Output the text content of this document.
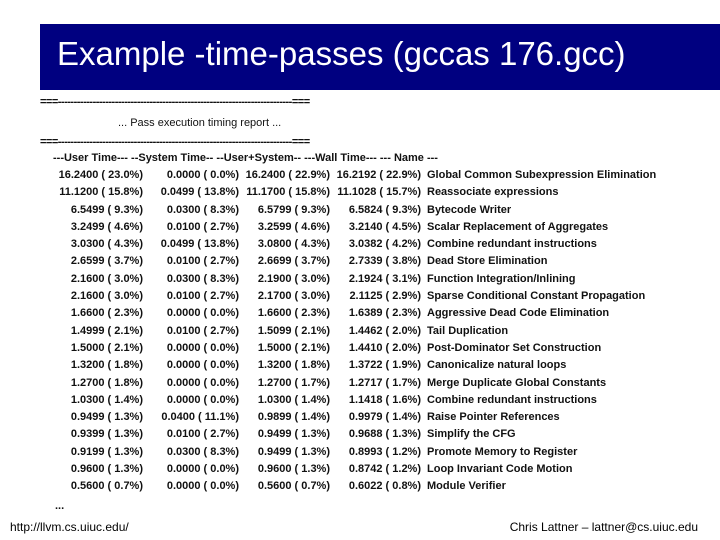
Example -time-passes (gccas 176.gcc)
===--------------------------------------------------------------------------===
... Pass execution timing report ...
===--------------------------------------------------------------------------===
---User Time--- --System Time-- --User+System-- ---Wall Time--- --- Name ---
16.2400 ( 23.0%)	0.0000 ( 0.0%) 16.2400 ( 22.9%) 16.2192 ( 22.9%) Global Common Subexpression Elimination
11.1200 ( 15.8%)	0.0499 ( 13.8%) 11.1700 ( 15.8%) 11.1028 ( 15.7%) Reassociate expressions
6.5499 ( 9.3%)	0.0300 ( 8.3%)	6.5799 ( 9.3%)	6.5824 ( 9.3%) Bytecode Writer
3.2499 ( 4.6%)	0.0100 ( 2.7%)	3.2599 ( 4.6%)	3.2140 ( 4.5%) Scalar Replacement of Aggregates
3.0300 ( 4.3%)	0.0499 ( 13.8%)	3.0800 ( 4.3%)	3.0382 ( 4.2%) Combine redundant instructions
2.6599 ( 3.7%)	0.0100 ( 2.7%)	2.6699 ( 3.7%)	2.7339 ( 3.8%) Dead Store Elimination
2.1600 ( 3.0%)	0.0300 ( 8.3%)	2.1900 ( 3.0%)	2.1924 ( 3.1%) Function Integration/Inlining
2.1600 ( 3.0%)	0.0100 ( 2.7%)	2.1700 ( 3.0%)	2.1125 ( 2.9%) Sparse Conditional Constant Propagation
1.6600 ( 2.3%)	0.0000 ( 0.0%)	1.6600 ( 2.3%)	1.6389 ( 2.3%) Aggressive Dead Code Elimination
1.4999 ( 2.1%)	0.0100 ( 2.7%)	1.5099 ( 2.1%)	1.4462 ( 2.0%) Tail Duplication
1.5000 ( 2.1%)	0.0000 ( 0.0%)	1.5000 ( 2.1%)	1.4410 ( 2.0%) Post-Dominator Set Construction
1.3200 ( 1.8%)	0.0000 ( 0.0%)	1.3200 ( 1.8%)	1.3722 ( 1.9%) Canonicalize natural loops
1.2700 ( 1.8%)	0.0000 ( 0.0%)	1.2700 ( 1.7%)	1.2717 ( 1.7%) Merge Duplicate Global Constants
1.0300 ( 1.4%)	0.0000 ( 0.0%)	1.0300 ( 1.4%)	1.1418 ( 1.6%) Combine redundant instructions
0.9499 ( 1.3%)	0.0400 ( 11.1%)	0.9899 ( 1.4%)	0.9979 ( 1.4%) Raise Pointer References
0.9399 ( 1.3%)	0.0100 ( 2.7%)	0.9499 ( 1.3%)	0.9688 ( 1.3%) Simplify the CFG
0.9199 ( 1.3%)	0.0300 ( 8.3%)	0.9499 ( 1.3%)	0.8993 ( 1.2%) Promote Memory to Register
0.9600 ( 1.3%)	0.0000 ( 0.0%)	0.9600 ( 1.3%)	0.8742 ( 1.2%) Loop Invariant Code Motion
0.5600 ( 0.7%)	0.0000 ( 0.0%)	0.5600 ( 0.7%)	0.6022 ( 0.8%) Module Verifier
...
http://llvm.cs.uiuc.edu/	Chris Lattner – lattner@cs.uiuc.edu
